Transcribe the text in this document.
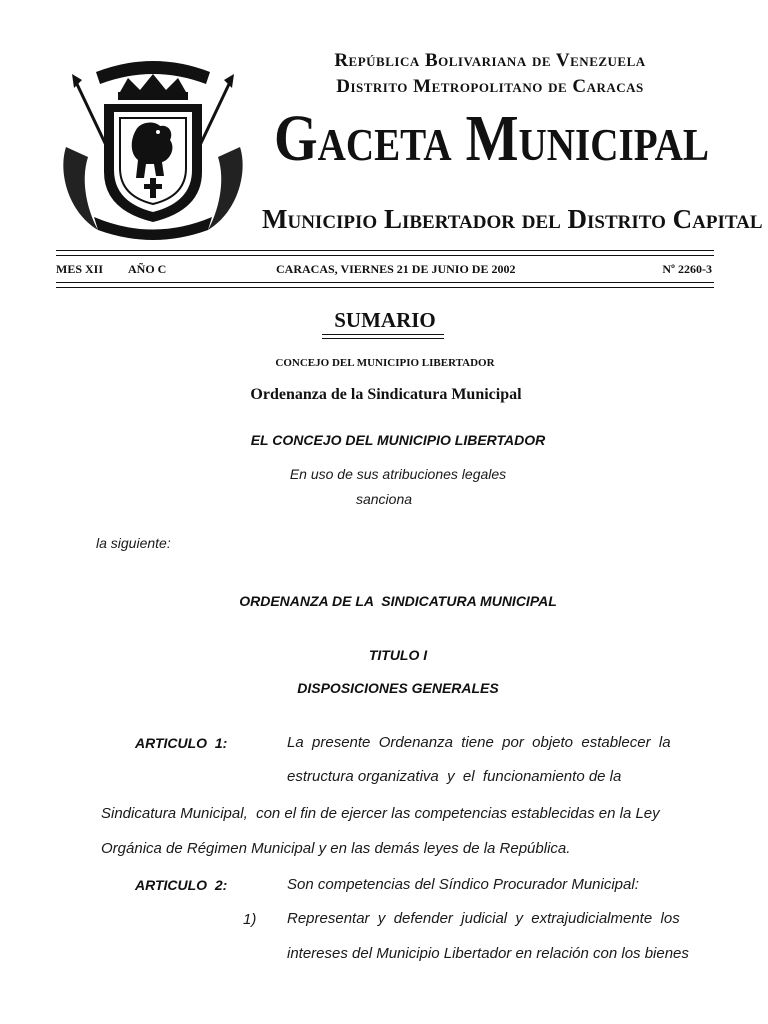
República Bolivariana de Venezuela
Distrito Metropolitano de Caracas
Gaceta Municipal
Municipio Libertador del Distrito Capital
MES XII AÑO C	CARACAS, VIERNES 21 DE JUNIO DE 2002	Nº 2260-3
SUMARIO
CONCEJO DEL MUNICIPIO LIBERTADOR
Ordenanza de la Sindicatura Municipal
EL CONCEJO DEL MUNICIPIO LIBERTADOR
En uso de sus atribuciones legales
sanciona
la siguiente:
ORDENANZA DE LA  SINDICATURA MUNICIPAL
TITULO I
DISPOSICIONES GENERALES
ARTICULO  1:	La  presente  Ordenanza  tiene  por  objeto  establecer  la
estructura organizativa  y  el  funcionamiento de la
Sindicatura Municipal,  con el fin de ejercer las competencias establecidas en la Ley
Orgánica de Régimen Municipal y en las demás leyes de la República.
ARTICULO  2:	Son competencias del Síndico Procurador Municipal:
1) Representar  y  defender  judicial  y  extrajudicialmente  los
intereses del Municipio Libertador en relación con los bienes
